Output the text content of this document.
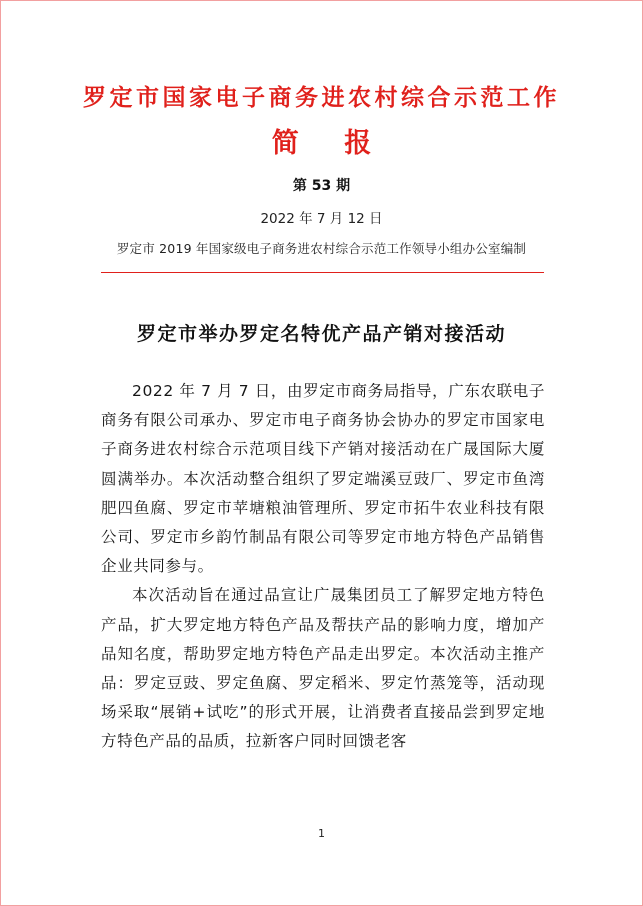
罗定市国家电子商务进农村综合示范工作
简 报
第 53 期
2022 年 7 月 12 日
罗定市 2019 年国家级电子商务进农村综合示范工作领导小组办公室编制
罗定市举办罗定名特优产品产销对接活动

2022 年 7 月 7 日，由罗定市商务局指导，广东农联电子商务有限公司承办、罗定市电子商务协会协办的罗定市国家电子商务进农村综合示范项目线下产销对接活动在广晟国际大厦圆满举办。本次活动整合组织了罗定端溪豆豉厂、罗定市鱼湾肥四鱼腐、罗定市苹塘粮油管理所、罗定市拓牛农业科技有限公司、罗定市乡韵竹制品有限公司等罗定市地方特色产品销售企业共同参与。

本次活动旨在通过品宣让广晟集团员工了解罗定地方特色产品，扩大罗定地方特色产品及帮扶产品的影响力度，增加产品知名度，帮助罗定地方特色产品走出罗定。本次活动主推产品：罗定豆豉、罗定鱼腐、罗定稻米、罗定竹蒸笼等，活动现场采取“展销+试吃”的形式开展，让消费者直接品尝到罗定地方特色产品的品质，拉新客户同时回馈老客

1
